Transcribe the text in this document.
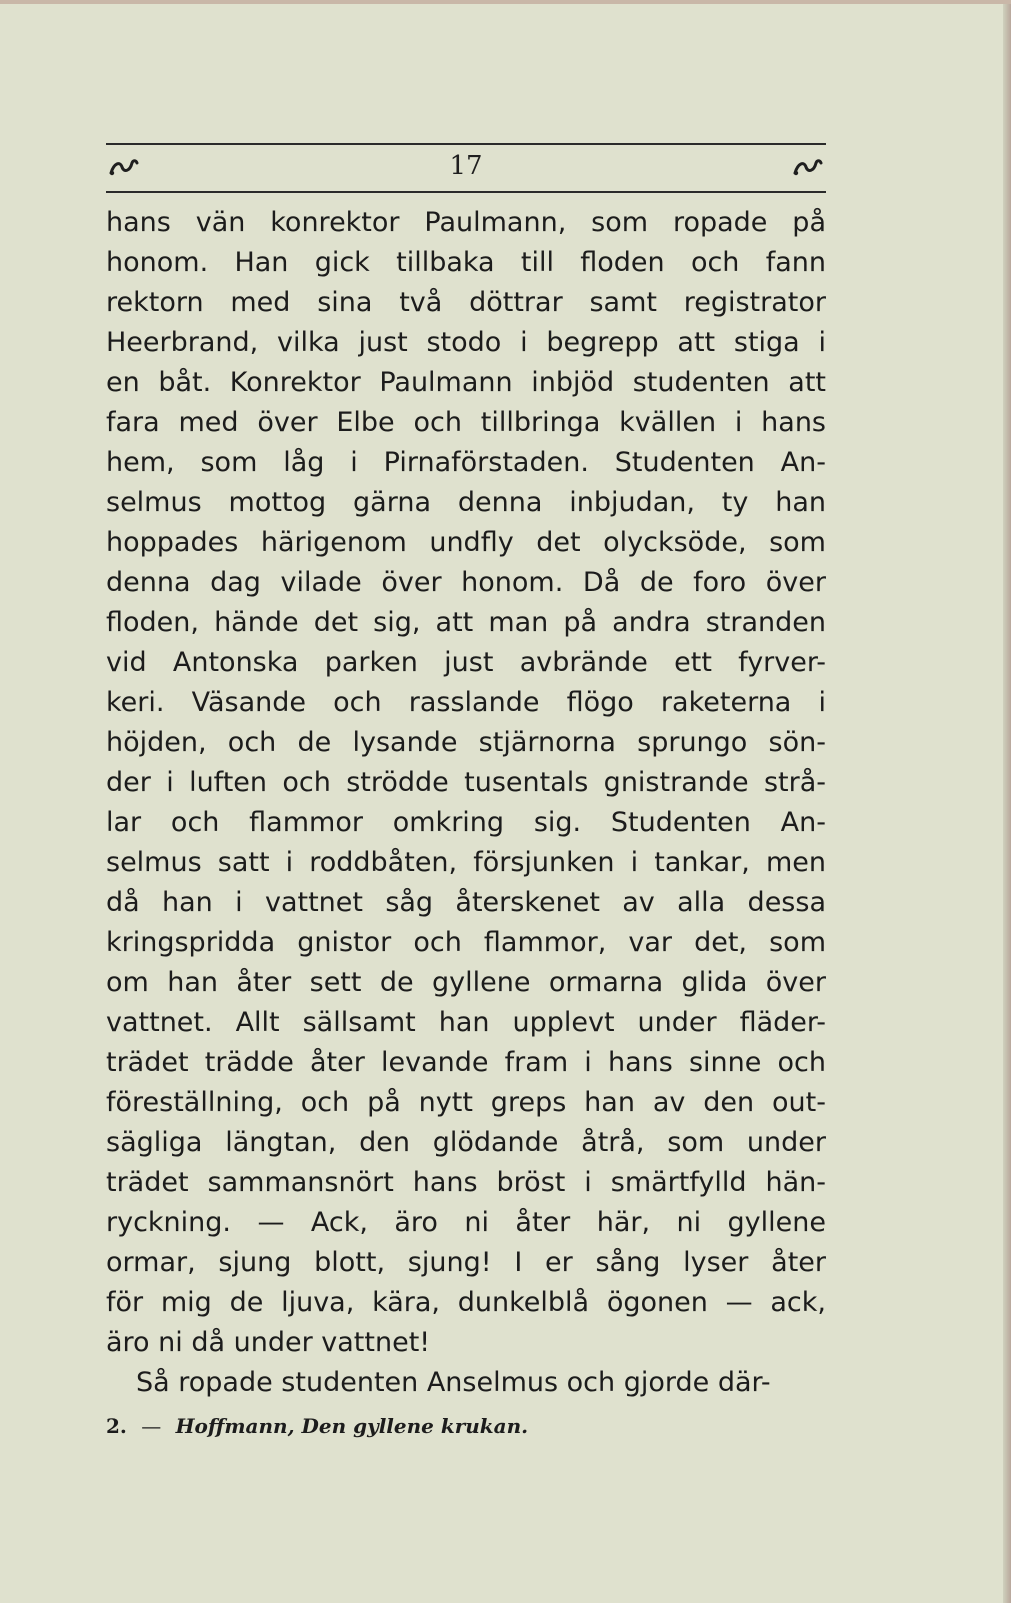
17
hans vän konrektor Paulmann, som ropade på
honom. Han gick tillbaka till floden och fann
rektorn med sina två döttrar samt registrator
Heerbrand, vilka just stodo i begrepp att stiga i
en båt. Konrektor Paulmann inbjöd studenten att
fara med över Elbe och tillbringa kvällen i hans
hem, som låg i Pirnaförstaden. Studenten An-
selmus mottog gärna denna inbjudan, ty han
hoppades härigenom undfly det olycksöde, som
denna dag vilade över honom. Då de foro över
floden, hände det sig, att man på andra stranden
vid Antonska parken just avbrände ett fyrver-
keri. Väsande och rasslande flögo raketerna i
höjden, och de lysande stjärnorna sprungo sön-
der i luften och strödde tusentals gnistrande strå-
lar och flammor omkring sig. Studenten An-
selmus satt i roddbåten, försjunken i tankar, men
då han i vattnet såg återskenet av alla dessa
kringspridda gnistor och flammor, var det, som
om han åter sett de gyllene ormarna glida över
vattnet. Allt sällsamt han upplevt under fläder-
trädet trädde åter levande fram i hans sinne och
föreställning, och på nytt greps han av den out-
sägliga längtan, den glödande åtrå, som under
trädet sammansnört hans bröst i smärtfylld hän-
ryckning. — Ack, äro ni åter här, ni gyllene
ormar, sjung blott, sjung! I er sång lyser åter
för mig de ljuva, kära, dunkelblå ögonen — ack,
äro ni då under vattnet!
Så ropade studenten Anselmus och gjorde där-
2. — Hoffmann, Den gyllene krukan.
